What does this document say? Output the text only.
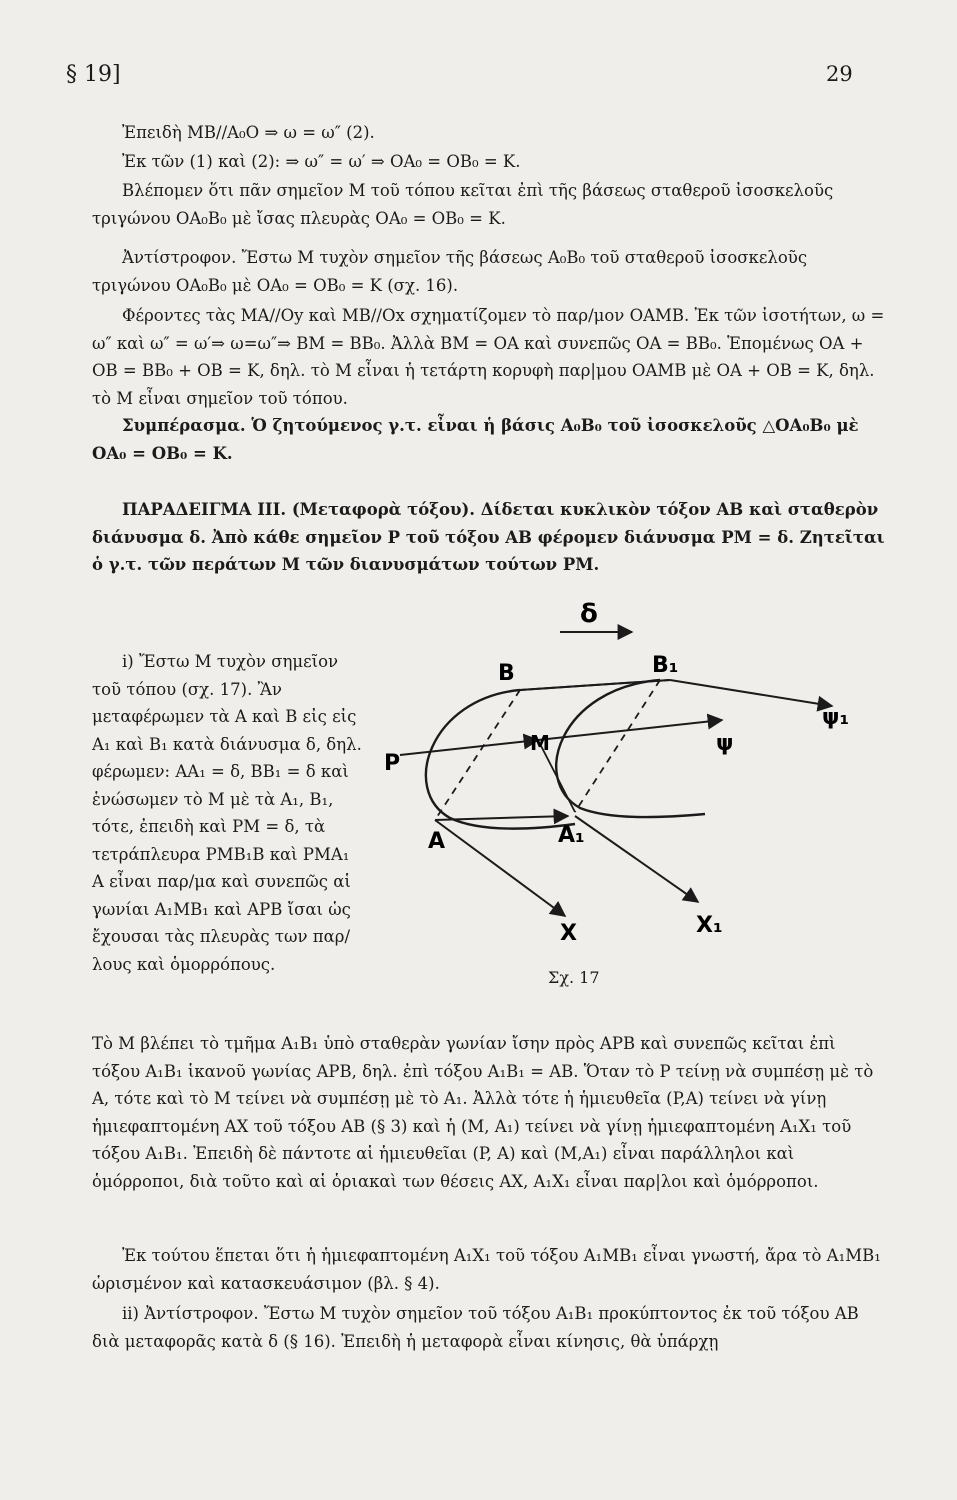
§ 19]	29

Ἐπειδὴ MB//A₀O ⇒ ω = ω″ (2).

Ἐκ τῶν (1) καὶ (2): ⇒ ω″ = ω′ ⇒ OA₀ = OB₀ = K.

Βλέπομεν ὅτι πᾶν σημεῖον M τοῦ τόπου κεῖται ἐπὶ τῆς βάσεως σταθεροῦ ἰσοσκελοῦς τριγώνου OA₀B₀ μὲ ἴσας πλευρὰς OA₀ = OB₀ = K.

Ἀντίστροφον. Ἔστω M τυχὸν σημεῖον τῆς βάσεως A₀B₀ τοῦ σταθεροῦ ἰσοσκελοῦς τριγώνου OA₀B₀ μὲ OA₀ = OB₀ = K (σχ. 16).

Φέροντες τὰς MA//Oy καὶ MB//Ox σχηματίζομεν τὸ παρ/μον OAMB. Ἐκ τῶν ἰσοτήτων, ω = ω″ καὶ ω″ = ω′⇒ ω=ω″⇒ BM = BB₀. Ἀλλὰ BM = OA καὶ συνεπῶς OA = BB₀. Ἑπομένως OA + OB = BB₀ + OB = K, δηλ. τὸ M εἶναι ἡ τετάρτη κορυφὴ παρ|μου OAMB μὲ OA + OB = K, δηλ. τὸ M εἶναι σημεῖον τοῦ τόπου.

Συμπέρασμα. Ὁ ζητούμενος γ.τ. εἶναι ἡ βάσις A₀B₀ τοῦ ἰσοσκελοῦς △OA₀B₀ μὲ OA₀ = OB₀ = K.

ΠΑΡΑΔΕΙΓΜΑ III. (Μεταφορὰ τόξου). Δίδεται κυκλικὸν τόξον AB καὶ σταθερὸν διάνυσμα δ. Ἀπὸ κάθε σημεῖον P τοῦ τόξου AB φέρομεν διάνυσμα PM = δ. Ζητεῖται ὁ γ.τ. τῶν περάτων M τῶν διανυσμάτων τούτων PM.

i) Ἔστω M τυχὸν σημεῖον τοῦ τόπου (σχ. 17). Ἂν μεταφέρωμεν τὰ A καὶ B εἰς εἰς A₁ καὶ B₁ κατὰ διάνυσμα δ, δηλ. φέρωμεν: AA₁ = δ, BB₁ = δ καὶ ἑνώσωμεν τὸ M μὲ τὰ A₁, B₁, τότε, ἐπειδὴ καὶ PM = δ, τὰ τετράπλευρα PMB₁B καὶ PMA₁ A εἶναι παρ/μα καὶ συνεπῶς αἱ γωνίαι A₁MB₁ καὶ APB ἴσαι ὡς ἔχουσαι τὰς πλευρὰς των παρ/λους καὶ ὁμορρόπους.

δ
B	B₁
P
M
A	A₁
X	X₁
ψ
ψ₁
Σχ. 17

Τὸ M βλέπει τὸ τμῆμα A₁B₁ ὑπὸ σταθερὰν γωνίαν ἴσην πρὸς APB καὶ συνεπῶς κεῖται ἐπὶ τόξου A₁B₁ ἱκανοῦ γωνίας APB, δηλ. ἐπὶ τόξου A₁B₁ = AB. Ὅταν τὸ P τείνῃ νὰ συμπέσῃ μὲ τὸ A, τότε καὶ τὸ M τείνει νὰ συμπέσῃ μὲ τὸ A₁. Ἀλλὰ τότε ἡ ἡμιευθεῖα (P,A) τείνει νὰ γίνῃ ἡμιεφαπτομένη AX τοῦ τόξου AB (§ 3) καὶ ἡ (M, A₁) τείνει νὰ γίνῃ ἡμιεφαπτομένη A₁X₁ τοῦ τόξου A₁B₁. Ἐπειδὴ δὲ πάντοτε αἱ ἡμιευθεῖαι (P, A) καὶ (M,A₁) εἶναι παράλληλοι καὶ ὁμόρροποι, διὰ τοῦτο καὶ αἱ ὁριακαὶ των θέσεις AX, A₁X₁ εἶναι παρ|λοι καὶ ὁμόρροποι.

Ἐκ τούτου ἕπεται ὅτι ἡ ἡμιεφαπτομένη A₁X₁ τοῦ τόξου A₁MB₁ εἶναι γνωστή, ἄρα τὸ A₁MB₁ ὡρισμένον καὶ κατασκευάσιμον (βλ. § 4).

ii) Ἀντίστροφον. Ἔστω M τυχὸν σημεῖον τοῦ τόξου A₁B₁ προκύπτοντος ἐκ τοῦ τόξου AB διὰ μεταφορᾶς κατὰ δ (§ 16). Ἐπειδὴ ἡ μεταφορὰ εἶναι κίνησις, θὰ ὑπάρχῃ
